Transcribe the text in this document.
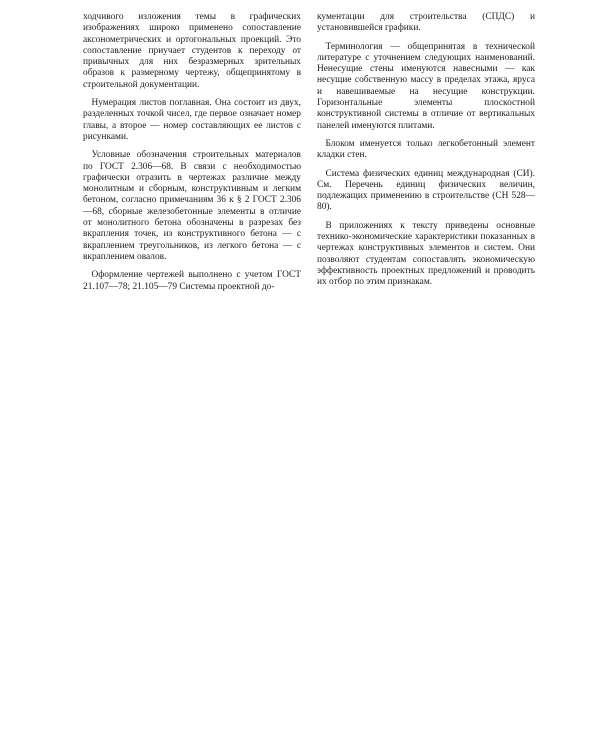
ходчивого изложения темы в графических изображениях широко применено сопоставление аксонометрических и ортогональных проекций. Это сопоставление приучает студентов к переходу от привычных для них безразмерных зрительных образов к размерному чертежу, общепринятому в строительной документации.

Нумерация листов поглавная. Она состоит из двух, разделенных точкой чисел, где первое означает номер главы, а второе — номер составляющих ее листов с рисунками.

Условные обозначения строительных материалов по ГОСТ 2.306—68. В связи с необходимостью графически отразить в чертежах различие между монолитным и сборным, конструктивным и легким бетоном, согласно примечаниям 36 к § 2 ГОСТ 2.306—68, сборные железобетонные элементы в отличие от монолитного бетона обозначены в разрезах без вкрапления точек, из конструктивного бетона — с вкраплением треугольников, из легкого бетона — с вкраплением овалов.

Оформление чертежей выполнено с учетом ГОСТ 21.107—78; 21.105—79 Системы проектной до-

кументации для строительства (СПДС) и установившейся графики.

Терминология — общепринятая в технической литературе с уточнением следующих наименований. Ненесущие стены именуются навесными — как несущие собственную массу в пределах этажа, яруса и навешиваемые на несущие конструкции. Горизонтальные элементы плоскостной конструктивной системы в отличие от вертикальных панелей именуются плитами.

Блоком именуется только легкобетонный элемент кладки стен.

Система физических единиц международная (СИ). См. Перечень единиц физических величин, подлежащих применению в строительстве (СН 528—80).

В приложениях к тексту приведены основные технико-экономические характеристики показанных в чертежах конструктивных элементов и систем. Они позволяют студентам сопоставлять экономическую эффективность проектных предложений и проводить их отбор по этим признакам.
